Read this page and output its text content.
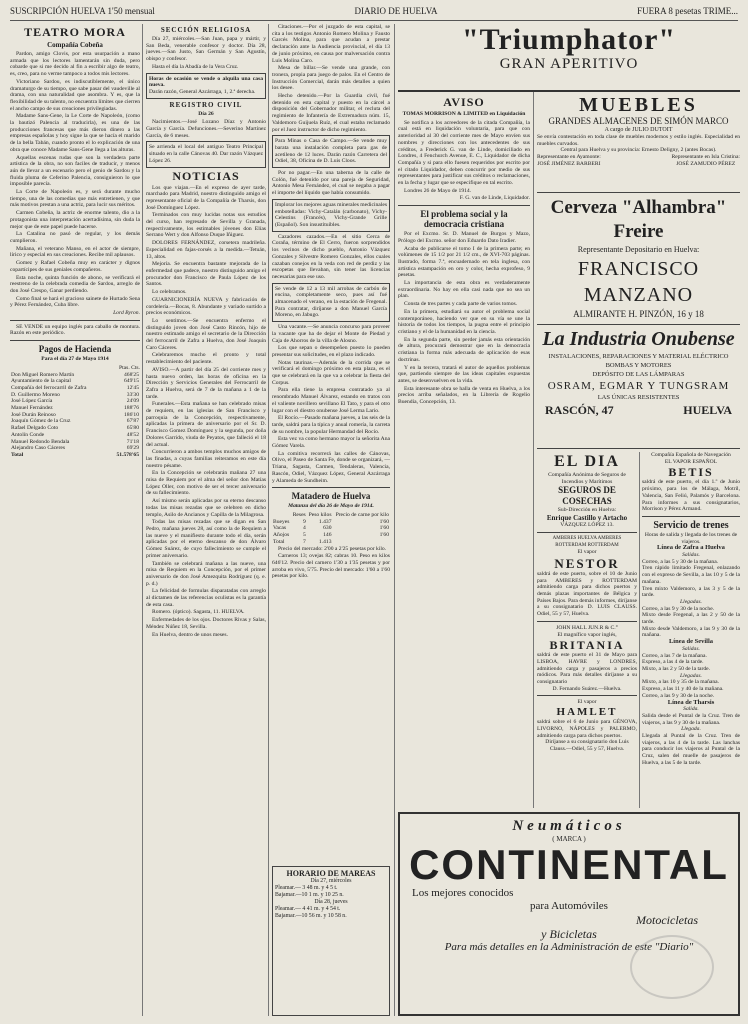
SUSCRIPCIÓN HUELVA 1'50 mensual	DIARIO DE HUELVA	FUERA 8 pesetas TRIME...
TEATRO MORA
Compañía Cobeña

Pardon, amigo Clovis, por esta usurpación a mano armada que los lectores lamentarán sin duda, pero cobarde que si me decido al fin a escribir algo de teatro, es, creo, para no verme tampoco a todos mis lectores.

Victoriano Sardou, es indiscutiblemente, el único dramaturgo de su tiempo, que sabe pasar del vaudeville al drama, con una naturalidad que asombra. Y es, que la flexibilidad de su talento, no encuentra límites que cierren el ancho campo de sus creaciones privilegiadas.

Madame Sans-Gene, la Le Corte de Napoleón, (como la bautizó Palencia al traducirla), es una de las producciones francesas que más dieron dinero a las empresas españolas y hoy sigue la que se hacía el marido de la bella Tabán, cuando pronto el lo explicación de una obra que conoce Madame Sans-Gene llega a las alturas.

Aquellas escenas rudas que son la verdadera parte artística de la obra, no son faciles de traducir, y menos aún de llevar a un escenario pero el genio de Sardou y la fluida pluma de Ceferino Palencia, consiguieron lo que imposible parecía.

La Corte de Napoleón es, y será durante mucho tiempo, una de las comedias que más entretienen, y que más motivos prestan a una actriz, para lucir sus méritos.

Carmen Cobeña, la actriz de enorme talento, dio a la protagonista una interpretación acertadísima, sin duda la mejor que de este papel puede hacerse.

La Catalina no pasó de regular, y los demás cumplieron.

Mañana, el veterano Manso, en el actor de siempre, lírico y especial en sus creaciones. Recibe mil aplausos.

Gomez y Rafael Cobeña muy en carácter y dignos copartícipes de sus geniales compañeros.

Esta noche, quinta función de abono, se verificará el reestreno de la celebrada comedia de Sardou, arreglo de don José Crespo, Ganar perdiendo.

Como final se hará el gracioso sainete de Hurtado Sena y Pérez Fernández, Cuba libre.

Lord Byron.

SE VENDE un equipo inglés para caballo de montura. Razón en este periódico.

Pagos de Hacienda
Para el día 27 de Mayo 1914
Ptas. Cts.
Don Miguel Romero Martín	468'25
Ayuntamiento de la capital	649'15
Compañía del ferrocarril de Zafra	12'45
D. Guillermo Moreno	33'30
José López García	24'09
Manuel Fernández	188'76
José Durán Reinoso	186'10
Joaquín Gómez de la Cruz	67'87
Rafael Delgado Coto	65'80
Antolín Conde	48'52
Manuel Redondo Bendala	71'18
Alejandro Caso Cáceres	69'29
Total	51.578'65
SECCIÓN RELIGIOSA

Día 27, miércoles.—San Juan, papa y mártir, y San Beda, venerable confesor y doctor. Día 28, jueves.—San Justo, San Germán y San Agustín, obispo y confesor.

Hasta el día la Abadía de la Vera Cruz.

Horas de ocasión se vende o alquila una casa nueva.
Darán razón, General Azcárraga, 1, 2.ª derecha.
REGISTRO CIVIL
Día 26

Nacimientos.—José Lozano Díaz y Antonio García y García. Defunciones.—Severino Martínez García, de 6 meses.

Se arrienda el local del antiguo Teatro Principal situado en la calle Cánovas 40. Dar razón Vázquez López 26.
NOTICIAS

Los que viajan.—En el expreso de ayer tarde, marchado para Madrid, nuestro distinguido amigo el representante oficial de la Compañía de Tharsis, don José Domínguez López.

Terminados con muy lucidas notas sus estudios del curso, han regresado de Sevilla y Granada, respectivamente, los estimables jóvenes don Elías Serrano Wert y don Alfonso Duque Iñiguez.

DOLORES FERNÁNDEZ, corsetera madrileña. Especialidad en fajas-corsés a la medida.—Tetuán, 13, altos.

Mejoría. Se encuentra bastante mejorada de la enfermedad que padece, nuestro distinguido amigo el procurador don Francisco de Paula López de los Santos.

Lo celebramos.

GUARNICIONERÍA NUEVA y fabricación de cordelería.—Bocas, 8. Abundante y variado surtido a precios económicos.

Lo sentimos.—Se encuentra enfermo el distinguido joven don José Casto Rincón, hijo de nuestro estimado amigo el secretario de la Dirección del ferrocarril de Zafra a Huelva, don José Joaquín Caro Cáceres.

Celebraremos mucho el pronto y total restablecimiento del paciente.

AVISO.—A partir del día 25 del corriente mes y hasta nuevo orden, las horas de oficina en la Dirección y Servicios Generales del Ferrocarril de Zafra a Huelva, será de 7 de la mañana a 1 de la tarde.

Funerales.—Esta mañana se han celebrado misas de requiem, en las iglesias de San Francisco y parroquia de la Concepción, respectivamente, aplicadas la primera de aniversario por el Sr. D. Francisco Gomez Domínguez y la segunda, por doña Dolores Garrido, viuda de Peyatos, que falleció el 18 del actual.

Concurrieron a ambos templos muchos amigos de las finadas, a cuyas familias reiteramos en este día nuestro pésame.

En la Concepción se celebrarán mañana 27 una misa de Requiem por el alma del señor don Matías López Oller, con motivo de ser el tercer aniversario de su fallecimiento.

Así mismo serán aplicadas por su eterno descanso todas las misas rezadas que se celebren en dicho templo, Asilo de Ancianos y Capilla de la Milagrosa.

Todas las misas rezadas que se digan en San Pedro, mañana jueves 28, así como la de Requiem a las nueve y el manifiesto durante todo el día, serán aplicadas por el eterno descanso de don Álvaro Gómez Suárez, de cuyo fallecimiento se cumple el primer aniversario.

También se celebrará mañana a las nueve, una misa de Requiem en la Concepción, por el primer aniversario de don José Amezquita Rodríguez (q. e. p. d.)

La felicidad de formulas disparatadas con arreglo al dictamen de las referencias oculistas es la garantía de esta casa.

Romero. (óptico). Sagasta, 11. HUELVA.

Enfermedades de los ojos. Doctores Rivas y Salas, Méndez Núñez 18, Sevilla.

En Huelva, dentro de unos meses.

Citaciones.—Por el juzgado de esta capital, se cita a los testigos Antonio Romero Molina y Fausto Garcés Molina, para que acudan a prestar declaración ante la Audiencia provincial, el día 13 de junio próximo, en causa por malversación contra Luis Molina Caro.

Mesa de billar.—Se vende una grande, con tronera, propia para juego de palos. En el Centro de Instrucción Comercial, darán más detalles a quien los desee.

Hecho detenido.—Por la Guardia civil, fué detenido en esta capital y puesto en la cárcel a disposición del Gobernador militar, el recluta del regimiento de Infantería de Extremadura núm. 15, Valdemoro Guijuela Ruíz, el cual estaba reclamado por el Juez instructor de dicho regimiento.

Para Minas o Casa de Campo.—Se vende muy barata una instalación completa para gas de acetileno de 12 luces. Darán razón Carretera del Odiel, 38, Oficina de D. Luis Cloos.

Por no pagar.—En una taberna de la calle de Colón, fué detenido por una pareja de Seguridad, Antonio Mesa Fernández, el cual se negaba a pagar el importe del líquido que había consumido.

Implorar los mejores aguas minerales medicinales embotelladas: Vichy-Catalán (carbonato), Vichy-Celestins (Francés), Vichy-Grande Grille (Español). Son insustituibles.

Cazadores cazados.—En el sitio Cerca de Coraña, término de El Cerro, fueron sorprendidos los vecinos de dicho pueblo, Antonio Vázquez Gonzales y Silvestre Romero Gonzales, ellos cuales cazaban conejos en la veda con red de perdiz y las escopetas que llevaban, sin tener las licencias necesarias para ese uso.

Se vende de 12 a 13 mil arrobas de carbón de encina, completamente seco, pues así fué almacenado el verano, en la estación de Fregenal. Para contratar, diríjanse a don Manuel García Moreno, en Jabugo.

Una vacante.—Se anuncia concurso para proveer la vacante que ha de dejar el Monte de Piedad y Caja de Ahorros de la villa de Alosno.

Los que sepan o desempeñen puesto lo pueden presentar sus solicitudes, en el plazo indicado.

Notas taurinas.—Además de la corrida que se verificará el domingo próximo en esta plaza, es el que se celebrará en la que va a celebrar la fiesta del Corpus.

Para ella tiene la empresa contratado ya al renombrado Manuel Álvarez, estando en tratos con el valiente novillero sevillano El Tato, y para el otro lugar con el diestro onubense José Lerma Lario.

El Rocío.—Pasado mañana jueves, a las seis de la tarde, saldrá para la típica y anual romería, la carreta de su nombre, la popular Hermandad del Rocío.

Esta vez va como hermano mayor la señorita Ana Gómez Varela.

La comitiva recorrerá las calles de Cánovas, Olivo, el Paseo de Santa Fe, donde se organizará, —Triana, Sagasta, Carmen, Tendaleras, Valencia, Rascón, Odiel, Vázquez López, General Azcárraga y Alameda de Sundheim.

Matadero de Huelva
Matanza del día 26 de Mayo de 1914.
	Reses	Peso kilos	Precio de carne por kilo
Bueyes	9	1.437	1'60
Vacas	4	630	1'60
Añojos	5	146	1'60
Total	7	1.413	

Precio del mercado: 2'00 a 2'25 pesetas por kilo.

Carneros 13; ovejas 82; cabras 10. Peso en kilos 646'12. Precio del carnero 1'30 a 1'35 pesetas y por arroba en vivo, 5'75. Precio del mercado: 1'60 a 1'60 pesetas por kilo.

HORARIO DE MAREAS
Día 27, miércoles
Pleamar.— 3 48 m. y 4 5 t.
Bajamar.—10 1 m. y 10 25 n.
Día 28, jueves
Pleamar.— 4 41 m. y 4 54 t.
Bajamar.—10 56 m. y 10 58 n.
"Triumphator"
GRAN APERITIVO
AVISO
TOMAS MORRISON & LIMITED en Liquidación

Se notifica a los acreedores de la citada Compañía, la cual está en liquidación voluntaria, para que con anterioridad al 30 del corriente mes de Mayo envíen sus nombres y direcciones con los antecedentes de sus créditos, a Frederick G. van de Linde, domiciliado en Londres, 4 Fenchurch Avenue, E. C., Liquidador de dicha Compañía y si para ello fuesen requeridos por escrito por el citado Liquidador, deben concurrir por medio de sus representantes para justificar sus créditos o reclamaciones, en la fecha y lugar que se especifique en tal escrito.

Londres 26 de Mayo de 1914.

F. G. van de Linde, Liquidador.
El problema social y la democracia cristiana

Por el Excmo. Sr. D. Manuel de Burgos y Mazo, Prólogo del Excmo. señor don Eduardo Dato Iradier.

Acaba de publicarse el tomo I de la primera parte; en volúmenes de 15 1/2 por 21 1/2 cm., de XVI-703 páginas. Ilustrado, forma 7.ª, encuadernado en tela inglesa, con artística estampación en oro y color, hecha exprofeso, 9 pesetas.

La importancia de esta obra es verdaderamente extraordinaria. No hay en ella casi nada que no sea un plan.

Consta de tres partes y cada parte de varios tomos.

En la primera, estudiará su autor el problema social contemporáneo, haciendo ver que en su vía se une la historia de todos los tiempos, la pugna entre el principio cristiano y el de la humanidad en la ciencia.

En la segunda parte, sin perder jamás esta orientación de altura, procurará demostrar que en la democracia cristiana la forma más adecuada de aplicación de esas doctrinas.

Y en la tercera, tratará el autor de aquellos problemas que, partiendo siempre de las ideas capitales expuestas antes, se desenvuelven en la vida.

Esta interesante obra se halla de venta en Huelva, a los precios arriba señalados, en la Librería de Rogelio Buendía, Concepción, 13.

MUEBLES
GRANDES ALMACENES DE SIMÓN MARCO
A cargo de JULIO DUTOIT
Se envía contestación en toda clase de muebles modernos y estilo inglés. Especialidad en muebles curvados.
Central para Huelva y su provincia: Ernesto Deligny, 2 (antes Bocas).
Representante en Ayamonte:
JOSÉ JIMÉNEZ BARBERI
Representante en Isla Cristina:
JOSÉ ZAMUDIO PÉREZ
Cerveza "Alhambra" Freire
Representante Depositario en Huelva:
FRANCISCO MANZANO
ALMIRANTE H. PINZÓN, 16 y 18
La Industria Onubense
INSTALACIONES, REPARACIONES Y MATERIAL ELÉCTRICO
BOMBAS Y MOTORES
DEPÓSITO DE LAS LÁMPARAS
OSRAM, EGMAR Y TUNGSRAM
LAS ÚNICAS RESISTENTES
RASCÓN, 47	HUELVA
EL DIA
Compañía Anónima de Seguros de Incendios y Marítimos
SEGUROS DE COSECHAS
Sub-Dirección en Huelva:
Enrique Castillo y Artacho
VÁZQUEZ LÓPEZ 13.
AMBERES HUELVA AMBERES ROTTERDAM ROTTERDAM
El vapor
NESTOR
saldrá de este puerto, sobre el 10 de Junio para AMBERES y ROTTERDAM admitiendo carga para dichos puertos y demás plazas importantes de Bélgica y Países Bajos. Para demás informes, diríjanse a su consignatario D. LUIS CLAUSS. Odiel, 55 y 57, Huelva.
JOHN HALL JUN.R & C.°
El magnífico vapor inglés,
BRITANIA
saldrá de este puerto el 31 de Mayo para LISBOA, HAVRE y LONDRES, admitiendo carga y pasajeros a precios módicos. Para más detalles diríjanse a su consignatario
D. Fernando Suárez.—Huelva.
El vapor
HAMLET
saldrá sobre el 6 de Junio para GÉNOVA, LIVORNO, NÁPOLES y PALERMO, admitiendo carga para dichos puertos.
Diríjanse a su consignatario don Luis Clauss.—Odiel, 55 y 57, Huelva.
Compañía Española de Navegación
EL VAPOR ESPAÑOL
BETIS
saldrá de este puerto, el día 1.º de Junio próximo, para los de Málaga, Motril, Valencia, San Feliú, Palamós y Barcelona. Para informes a sus consignatarios, Morrison y Pérez Armand.
Servicio de trenes
Horas de salida y llegada de los trenes de viajeros.
Línea de Zafra a Huelva
Salidas.
Correo, a las 5 y 30 de la mañana.
Tren rápido limitado Fregenal, enlazando con el expreso de Sevilla, a las 10 y 5 de la mañana.
Tren mixto Valdemoro, a las 3 y 5 de la tarde.
Llegadas.
Correo, a las 9 y 30 de la noche.
Mixto desde Fregenal, a las 2 y 50 de la tarde.
Mixto desde Valdemoro, a las 9 y 30 de la mañana.
Línea de Sevilla
Salidas.
Correo, a las 7 de la mañana.
Expreso, a las 4 de la tarde.
Mixto, a las 2 y 50 de la tarde.
Llegadas.
Mixto, a las 10 y 35 de la mañana.
Expreso, a las 11 y 40 de la mañana.
Correo, a las 9 y 30 de la noche.
Línea de Tharsis
Salida.
Salida desde el Puntal de la Cruz. Tren de viajeros, a las 9 y 30 de la mañana.
Llegada.
Llegada al Puntal de la Cruz. Tren de viajeros, a las 4 de la tarde. Las lanchas para conducir los viajeros al Puntal de la Cruz, salen del muelle de pasajeros de Huelva, a las 5 de la tarde.
Neumáticos
( MARCA )
CONTINENTAL
Los mejores conocidos
para Automóviles
Motocicletas
y Bicicletas
Para más detalles en la Administración de este "Diario"
